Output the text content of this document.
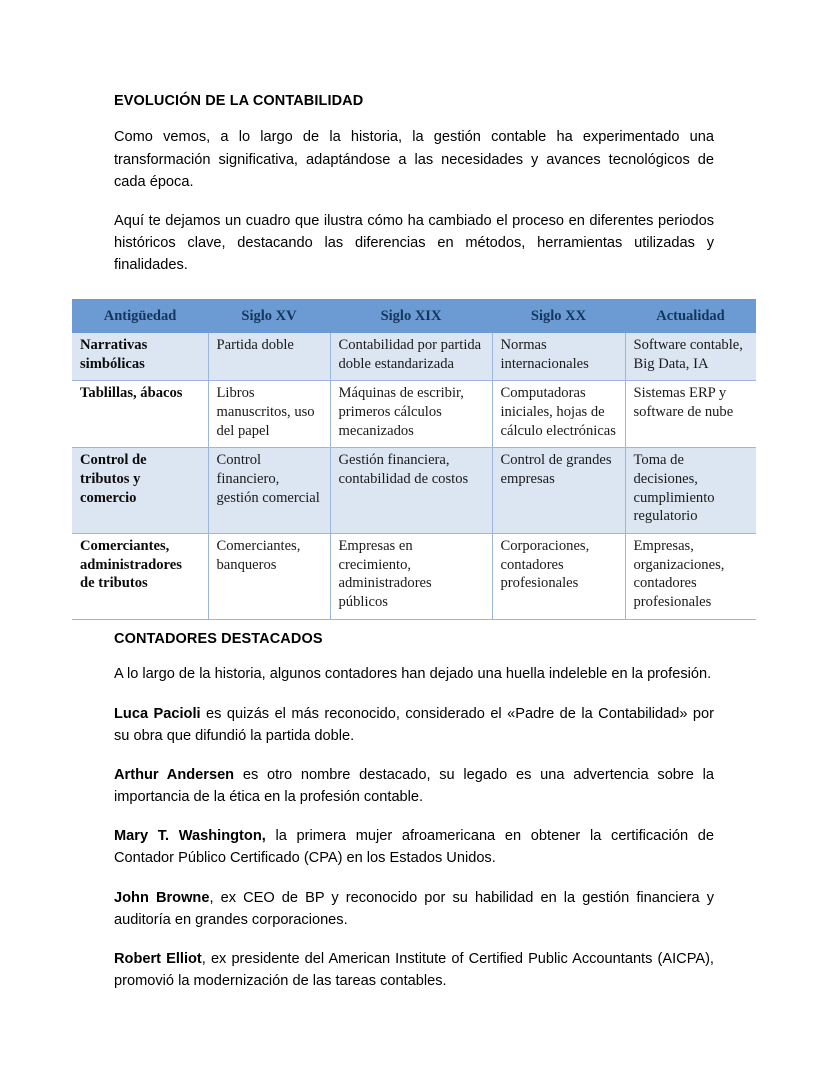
EVOLUCIÓN DE LA CONTABILIDAD

Como vemos, a lo largo de la historia, la gestión contable ha experimentado una transformación significativa, adaptándose a las necesidades y avances tecnológicos de cada época.

Aquí te dejamos un cuadro que ilustra cómo ha cambiado el proceso en diferentes periodos históricos clave, destacando las diferencias en métodos, herramientas utilizadas y finalidades.

Antigüedad	Siglo XV	Siglo XIX	Siglo XX	Actualidad
Narrativas simbólicas	Partida doble	Contabilidad por partida doble estandarizada	Normas internacionales	Software contable, Big Data, IA
Tablillas, ábacos	Libros manuscritos, uso del papel	Máquinas de escribir, primeros cálculos mecanizados	Computadoras iniciales, hojas de cálculo electrónicas	Sistemas ERP y software de nube
Control de tributos y comercio	Control financiero, gestión comercial	Gestión financiera, contabilidad de costos	Control de grandes empresas	Toma de decisiones, cumplimiento regulatorio
Comerciantes, administradores de tributos	Comerciantes, banqueros	Empresas en crecimiento, administradores públicos	Corporaciones, contadores profesionales	Empresas, organizaciones, contadores profesionales
CONTADORES DESTACADOS

A lo largo de la historia, algunos contadores han dejado una huella indeleble en la profesión.

Luca Pacioli es quizás el más reconocido, considerado el «Padre de la Contabilidad» por su obra que difundió la partida doble.

Arthur Andersen es otro nombre destacado, su legado es una advertencia sobre la importancia de la ética en la profesión contable.

Mary T. Washington, la primera mujer afroamericana en obtener la certificación de Contador Público Certificado (CPA) en los Estados Unidos.

John Browne, ex CEO de BP y reconocido por su habilidad en la gestión financiera y auditoría en grandes corporaciones.

Robert Elliot, ex presidente del American Institute of Certified Public Accountants (AICPA), promovió la modernización de las tareas contables.
